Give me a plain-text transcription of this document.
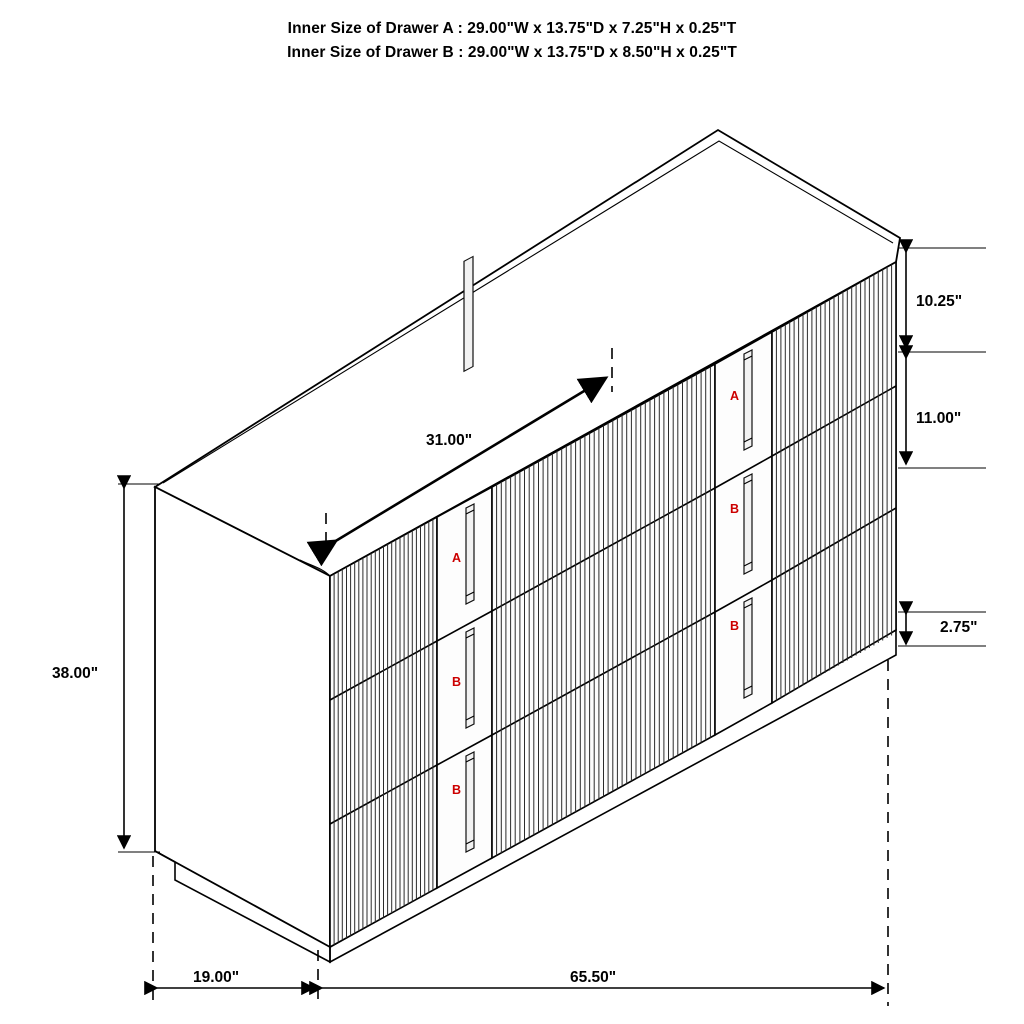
Inner Size of Drawer A : 29.00"W x 13.75"D x 7.25"H x 0.25"T
Inner Size of Drawer B : 29.00"W x 13.75"D x 8.50"H x 0.25"T
A
B
B
A
B
B
31.00"
10.25"
11.00"
2.75"
38.00"
19.00"	65.50"
